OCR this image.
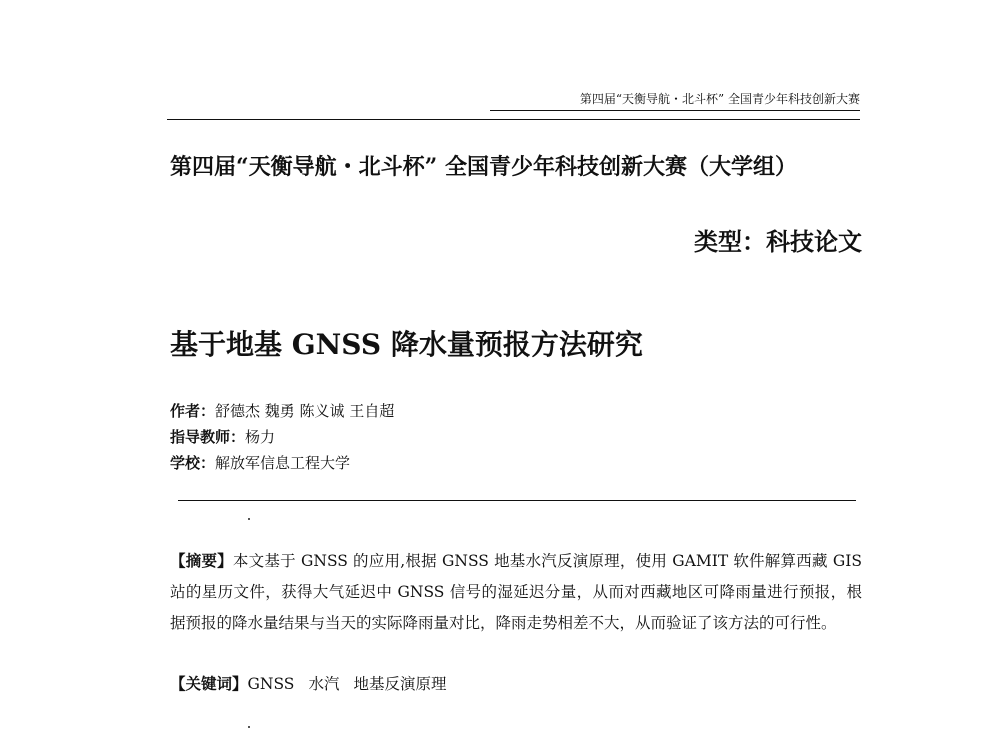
第四届“天衡导航・北斗杯” 全国青少年科技创新大赛
第四届“天衡导航・北斗杯” 全国青少年科技创新大赛（大学组）
类型：科技论文
基于地基 GNSS 降水量预报方法研究
作者：舒德杰 魏勇 陈义诚 王自超
指导教师：杨力
学校：解放军信息工程大学
【摘要】本文基于 GNSS 的应用,根据 GNSS 地基水汽反演原理，使用 GAMIT 软件解算西藏 GIS 站的星历文件，获得大气延迟中 GNSS 信号的湿延迟分量，从而对西藏地区可降雨量进行预报，根据预报的降水量结果与当天的实际降雨量对比，降雨走势相差不大，从而验证了该方法的可行性。
【关键词】GNSS 水汽 地基反演原理
